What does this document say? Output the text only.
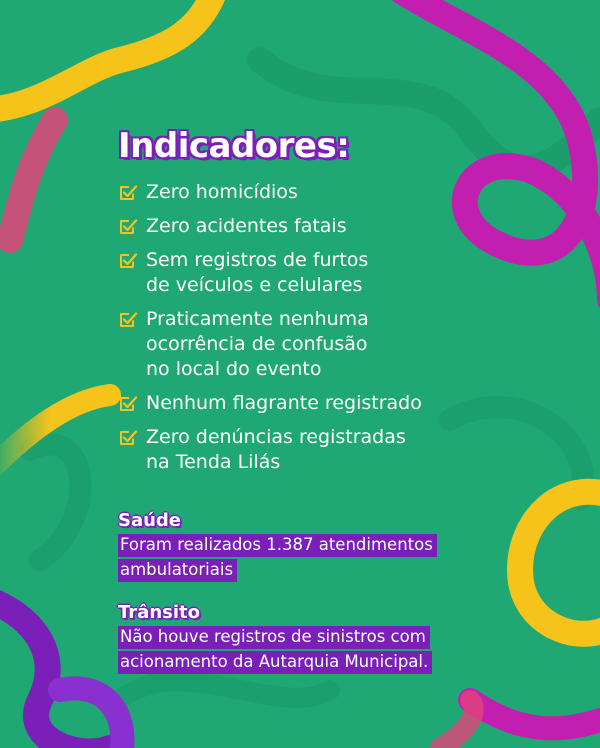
Indicadores:
Zero homicídios
Zero acidentes fatais
Sem registros de furtos
de veículos e celulares
Praticamente nenhuma
ocorrência de confusão
no local do evento
Nenhum flagrante registrado
Zero denúncias registradas
na Tenda Lilás
Saúde
Foram realizados 1.387 atendimentos
ambulatoriais
Trânsito
Não houve registros de sinistros com
acionamento da Autarquia Municipal.
